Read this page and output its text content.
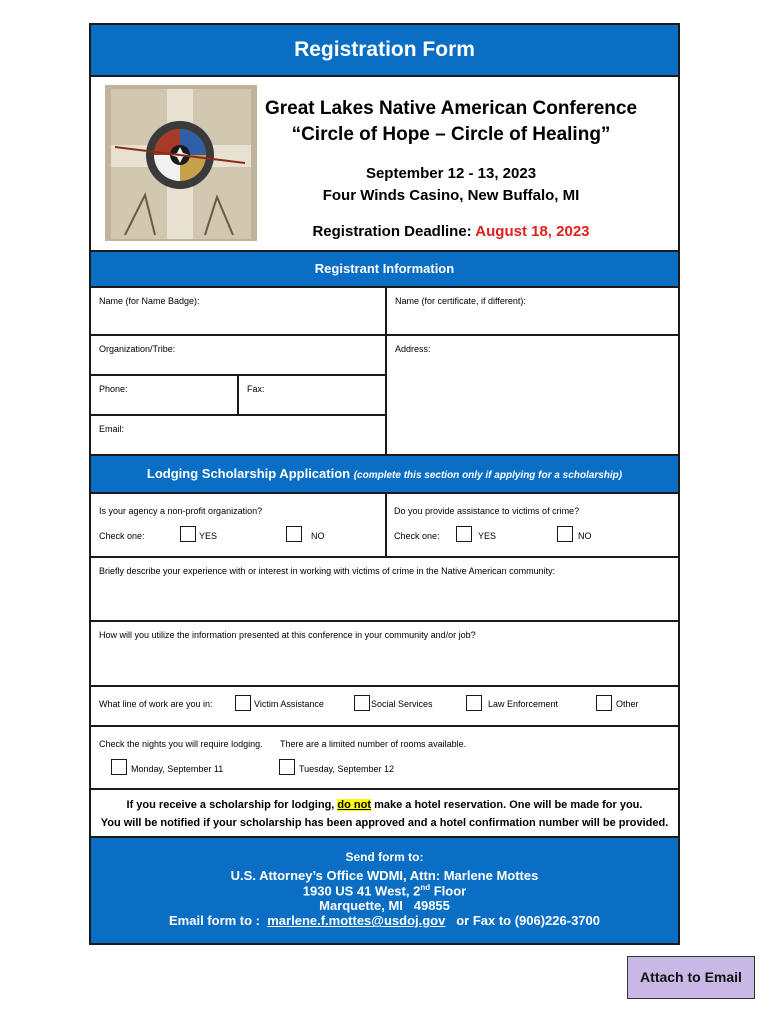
Registration Form
Great Lakes Native American Conference
“Circle of Hope – Circle of Healing”
September 12 - 13, 2023
Four Winds Casino, New Buffalo, MI
Registration Deadline: August 18, 2023
Registrant Information
Name (for Name Badge):	Name (for certificate, if different):
Organization/Tribe:	Address:
Phone:	Fax:
Email:
Lodging Scholarship Application (complete this section only if applying for a scholarship)
Is your agency a non-profit organization?
Check one:	YES	NO
Do you provide assistance to victims of crime?
Check one:	YES	NO
Briefly describe your experience with or interest in working with victims of crime in the Native American community:
How will you utilize the information presented at this conference in your community and/or job?
What line of work are you in:	Victim Assistance	Social Services	Law Enforcement	Other
Check the nights you will require lodging. There are a limited number of rooms available.
Monday, September 11	Tuesday, September 12
If you receive a scholarship for lodging, do not make a hotel reservation. One will be made for you.
You will be notified if your scholarship has been approved and a hotel confirmation number will be provided.
Send form to:
U.S. Attorney’s Office WDMI, Attn: Marlene Mottes
1930 US 41 West, 2nd Floor
Marquette, MI   49855
Email form to : marlene.f.mottes@usdoj.gov or Fax to (906)226-3700
Attach to Email
